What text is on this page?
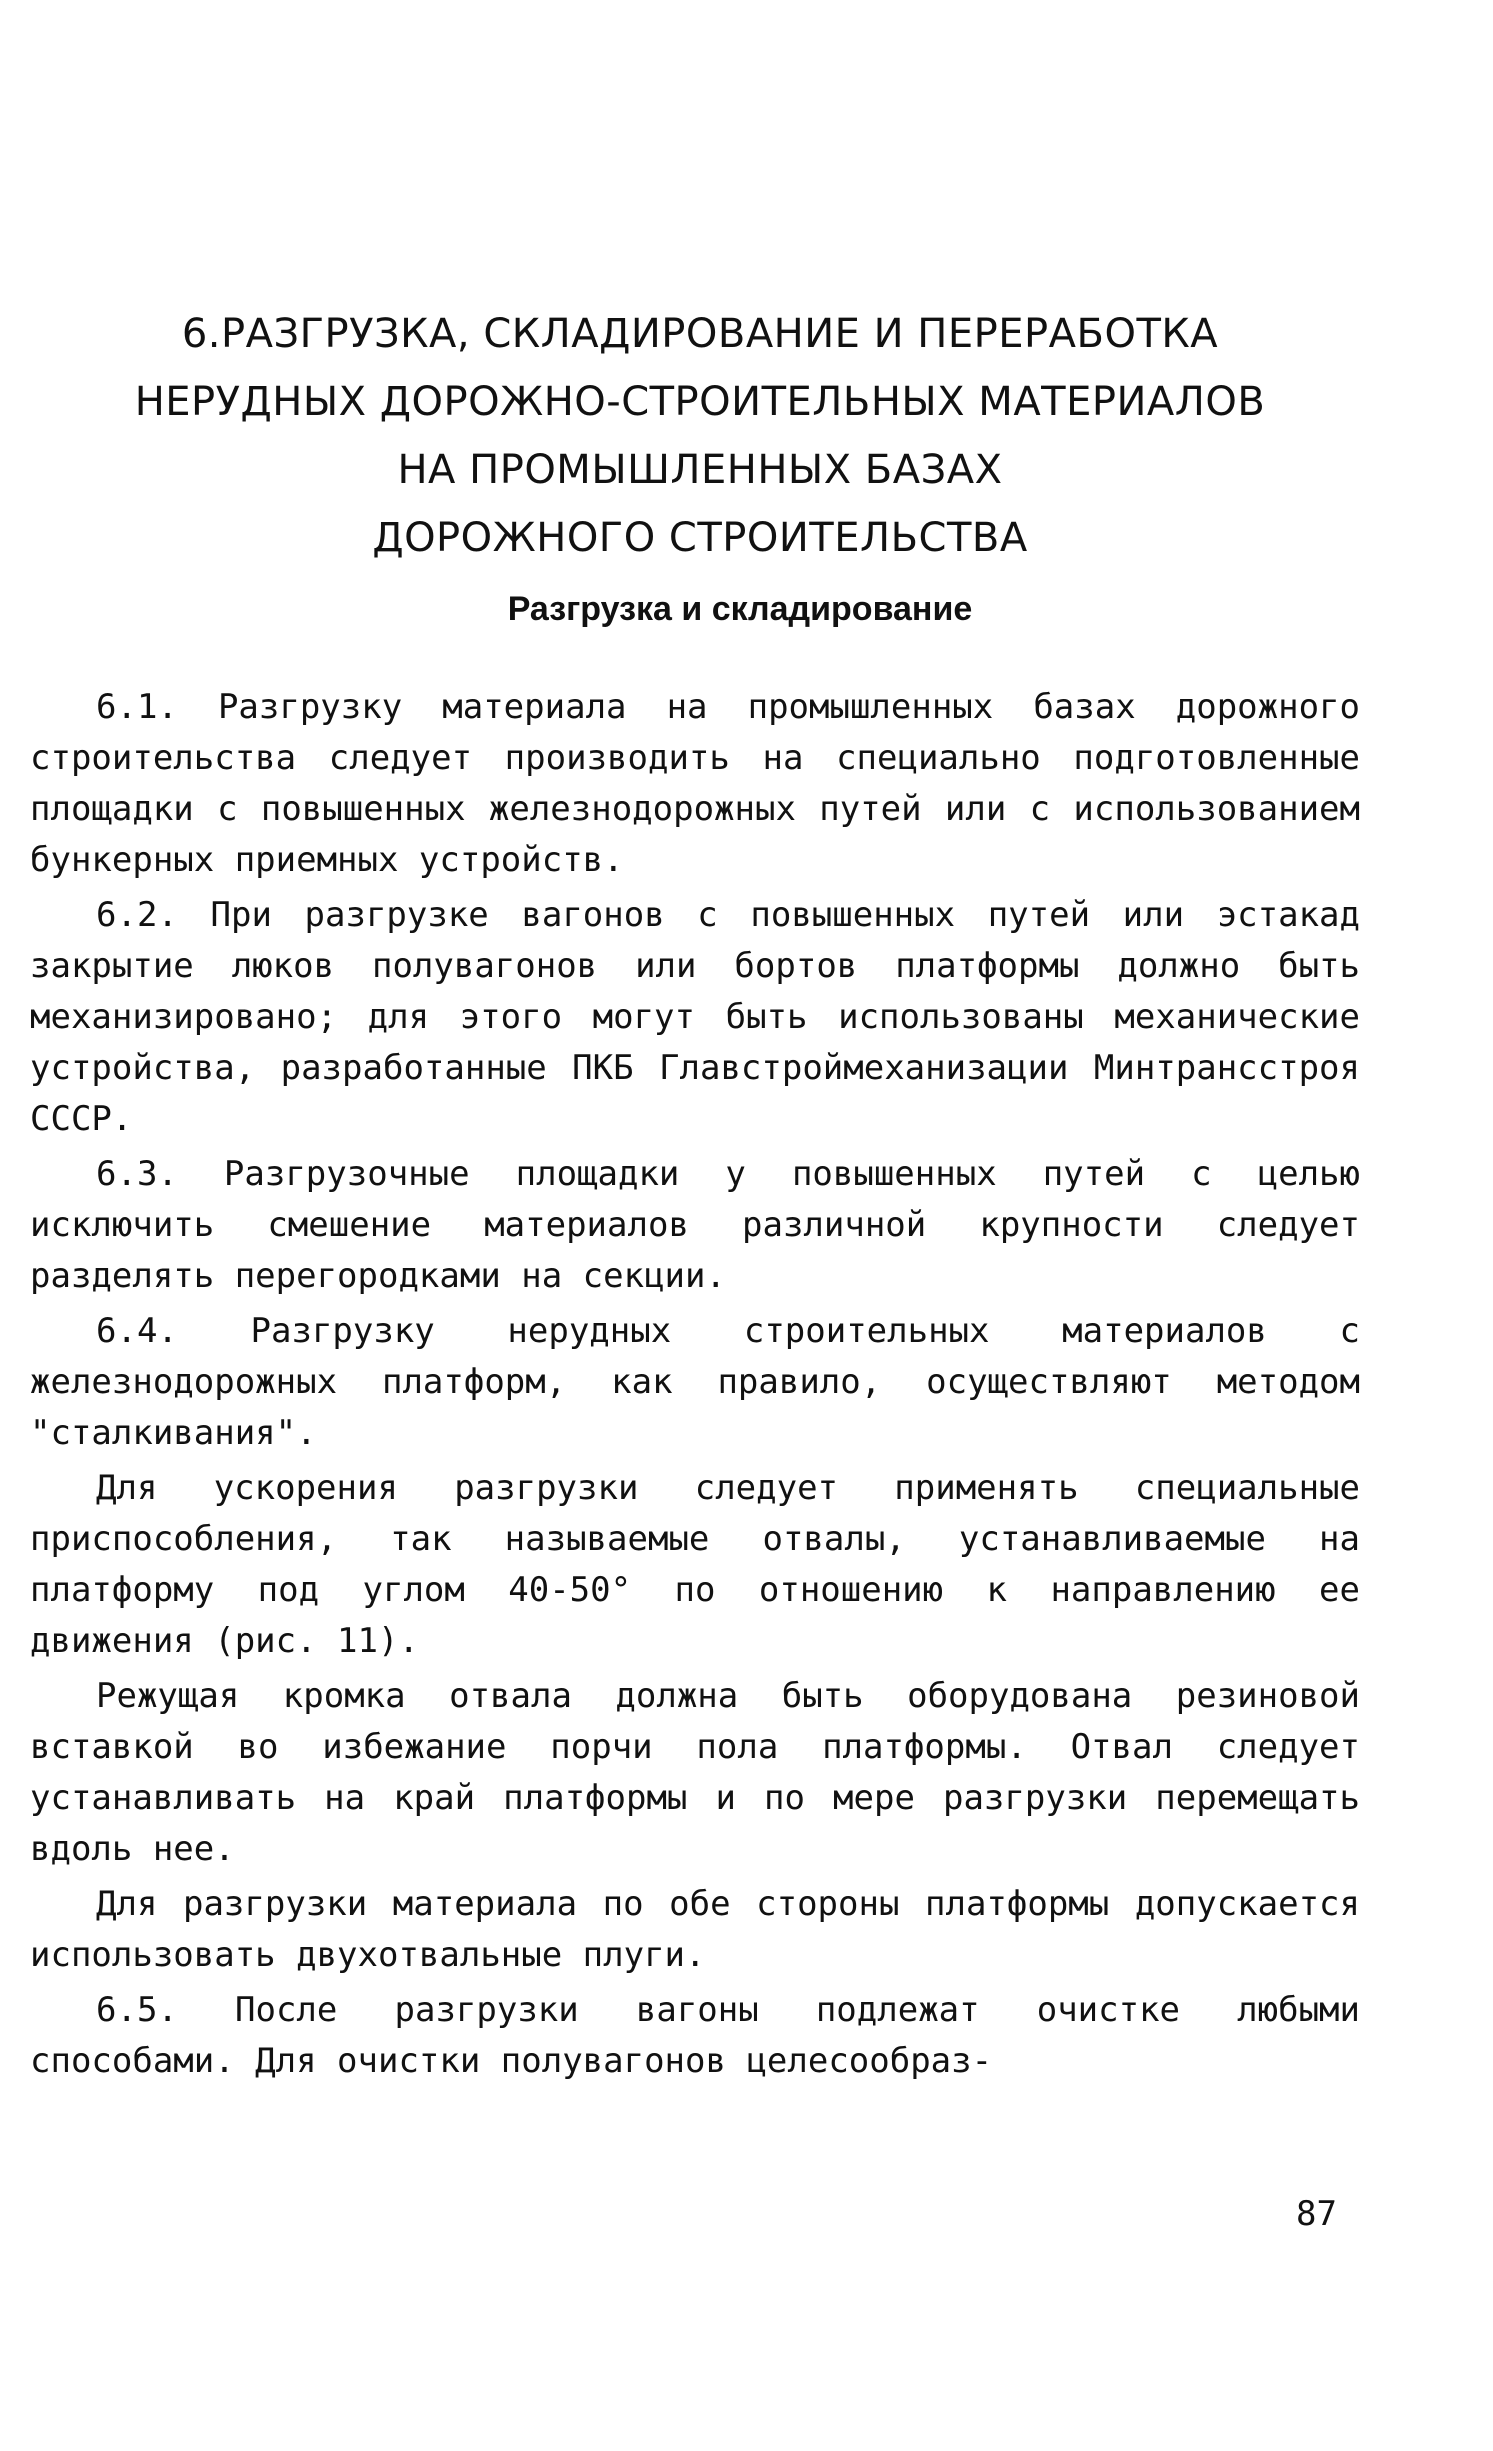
6.РАЗГРУЗКА, СКЛАДИРОВАНИЕ И ПЕРЕРАБОТКА
НЕРУДНЫХ ДОРОЖНО-СТРОИТЕЛЬНЫХ МАТЕРИАЛОВ
НА ПРОМЫШЛЕННЫХ БАЗАХ
ДОРОЖНОГО СТРОИТЕЛЬСТВА
Разгрузка и складирование

6.1. Разгрузку материала на промышленных базах дорожного строительства следует производить на специально подготовленные площадки с повышенных железнодорожных путей или с использованием бункерных приемных устройств.

6.2. При разгрузке вагонов с повышенных путей или эстакад закрытие люков полувагонов или бортов платформы должно быть механизировано; для этого могут быть использованы механические устройства, разработанные ПКБ Главстроймеханизации Минтрансстроя СССР.

6.3. Разгрузочные площадки у повышенных путей с целью исключить смешение материалов различной крупности следует разделять перегородками на секции.

6.4. Разгрузку нерудных строительных материалов с железнодорожных платформ, как правило, осуществляют методом "сталкивания".

Для ускорения разгрузки следует применять специальные приспособления, так называемые отвалы, устанавливаемые на платформу под углом 40-50° по отношению к направлению ее движения (рис. 11).

Режущая кромка отвала должна быть оборудована резиновой вставкой во избежание порчи пола платформы. Отвал следует устанавливать на край платформы и по мере разгрузки перемещать вдоль нее.

Для разгрузки материала по обе стороны платформы допускается использовать двухотвальные плуги.

6.5. После разгрузки вагоны подлежат очистке любыми способами. Для очистки полувагонов целесообраз-

87
